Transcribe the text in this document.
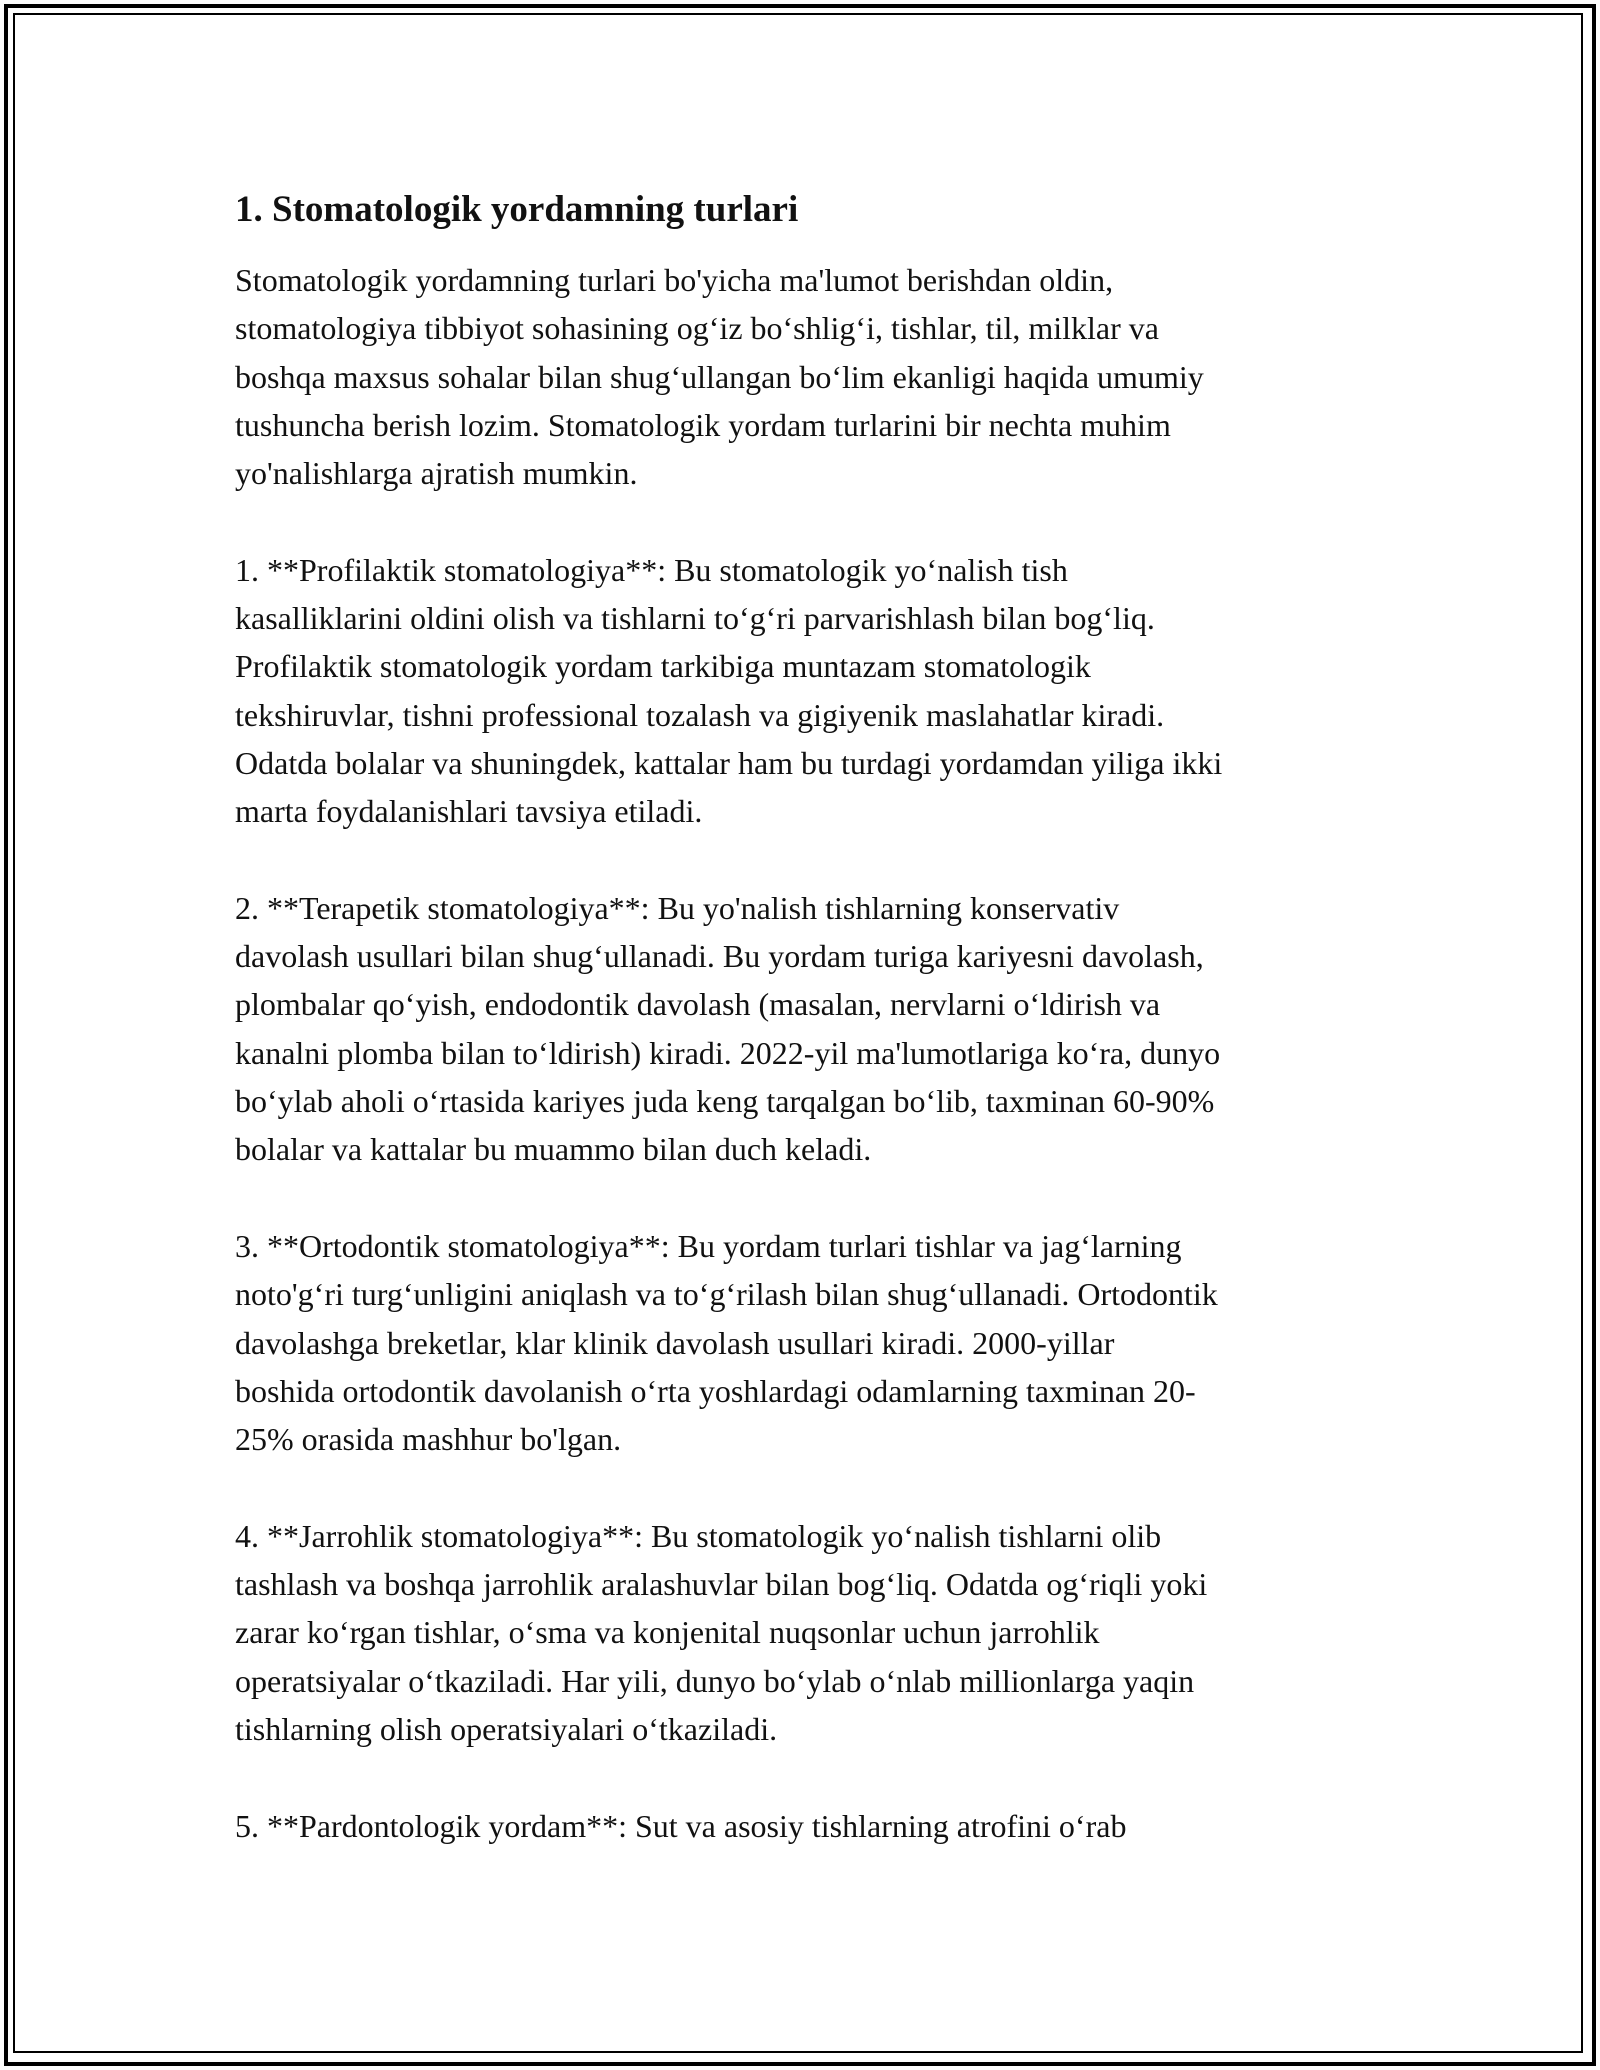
1. Stomatologik yordamning turlari

Stomatologik yordamning turlari bo'yicha ma'lumot berishdan oldin,
stomatologiya tibbiyot sohasining og‘iz bo‘shlig‘i, tishlar, til, milklar va
boshqa maxsus sohalar bilan shug‘ullangan bo‘lim ekanligi haqida umumiy
tushuncha berish lozim. Stomatologik yordam turlarini bir nechta muhim
yo'nalishlarga ajratish mumkin.

1. **Profilaktik stomatologiya**: Bu stomatologik yo‘nalish tish
kasalliklarini oldini olish va tishlarni to‘g‘ri parvarishlash bilan bog‘liq.
Profilaktik stomatologik yordam tarkibiga muntazam stomatologik
tekshiruvlar, tishni professional tozalash va gigiyenik maslahatlar kiradi.
Odatda bolalar va shuningdek, kattalar ham bu turdagi yordamdan yiliga ikki
marta foydalanishlari tavsiya etiladi.

2. **Terapetik stomatologiya**: Bu yo'nalish tishlarning konservativ
davolash usullari bilan shug‘ullanadi. Bu yordam turiga kariyesni davolash,
plombalar qo‘yish, endodontik davolash (masalan, nervlarni o‘ldirish va
kanalni plomba bilan to‘ldirish) kiradi. 2022-yil ma'lumotlariga ko‘ra, dunyo
bo‘ylab aholi o‘rtasida kariyes juda keng tarqalgan bo‘lib, taxminan 60-90%
bolalar va kattalar bu muammo bilan duch keladi.

3. **Ortodontik stomatologiya**: Bu yordam turlari tishlar va jag‘larning
noto'g‘ri turg‘unligini aniqlash va to‘g‘rilash bilan shug‘ullanadi. Ortodontik
davolashga breketlar, klar klinik davolash usullari kiradi. 2000-yillar
boshida ortodontik davolanish o‘rta yoshlardagi odamlarning taxminan 20-
25% orasida mashhur bo'lgan.

4. **Jarrohlik stomatologiya**: Bu stomatologik yo‘nalish tishlarni olib
tashlash va boshqa jarrohlik aralashuvlar bilan bog‘liq. Odatda og‘riqli yoki
zarar ko‘rgan tishlar, o‘sma va konjenital nuqsonlar uchun jarrohlik
operatsiyalar o‘tkaziladi. Har yili, dunyo bo‘ylab o‘nlab millionlarga yaqin
tishlarning olish operatsiyalari o‘tkaziladi.

5. **Pardontologik yordam**: Sut va asosiy tishlarning atrofini o‘rab
